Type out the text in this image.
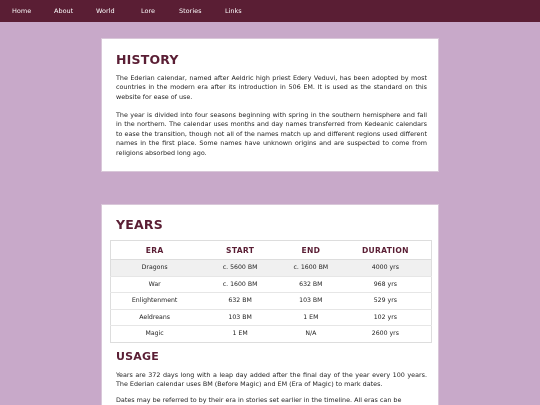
Home	About	World	Lore	Stories	Links
HISTORY

The Ederian calendar, named after Aeldric high priest Edery Veduvi, has been adopted by most countries in the modern era after its introduction in 506 EM. It is used as the standard on this website for ease of use.

The year is divided into four seasons beginning with spring in the southern hemisphere and fall in the northern. The calendar uses months and day names transferred from Kedeanic calendars to ease the transition, though not all of the names match up and different regions used different names in the first place. Some names have unknown origins and are suspected to come from religions absorbed long ago.

YEARS
ERA	START	END	DURATION
Dragons	c. 5600 BM	c. 1600 BM	4000 yrs
War	c. 1600 BM	632 BM	968 yrs
Enlightenment	632 BM	103 BM	529 yrs
Aeldreans	103 BM	1 EM	102 yrs
Magic	1 EM	N/A	2600 yrs
USAGE

Years are 372 days long with a leap day added after the final day of the year every 100 years. The Ederian calendar uses BM (Before Magic) and EM (Era of Magic) to mark dates.

Dates may be referred to by their era in stories set earlier in the timeline. All eras can be
